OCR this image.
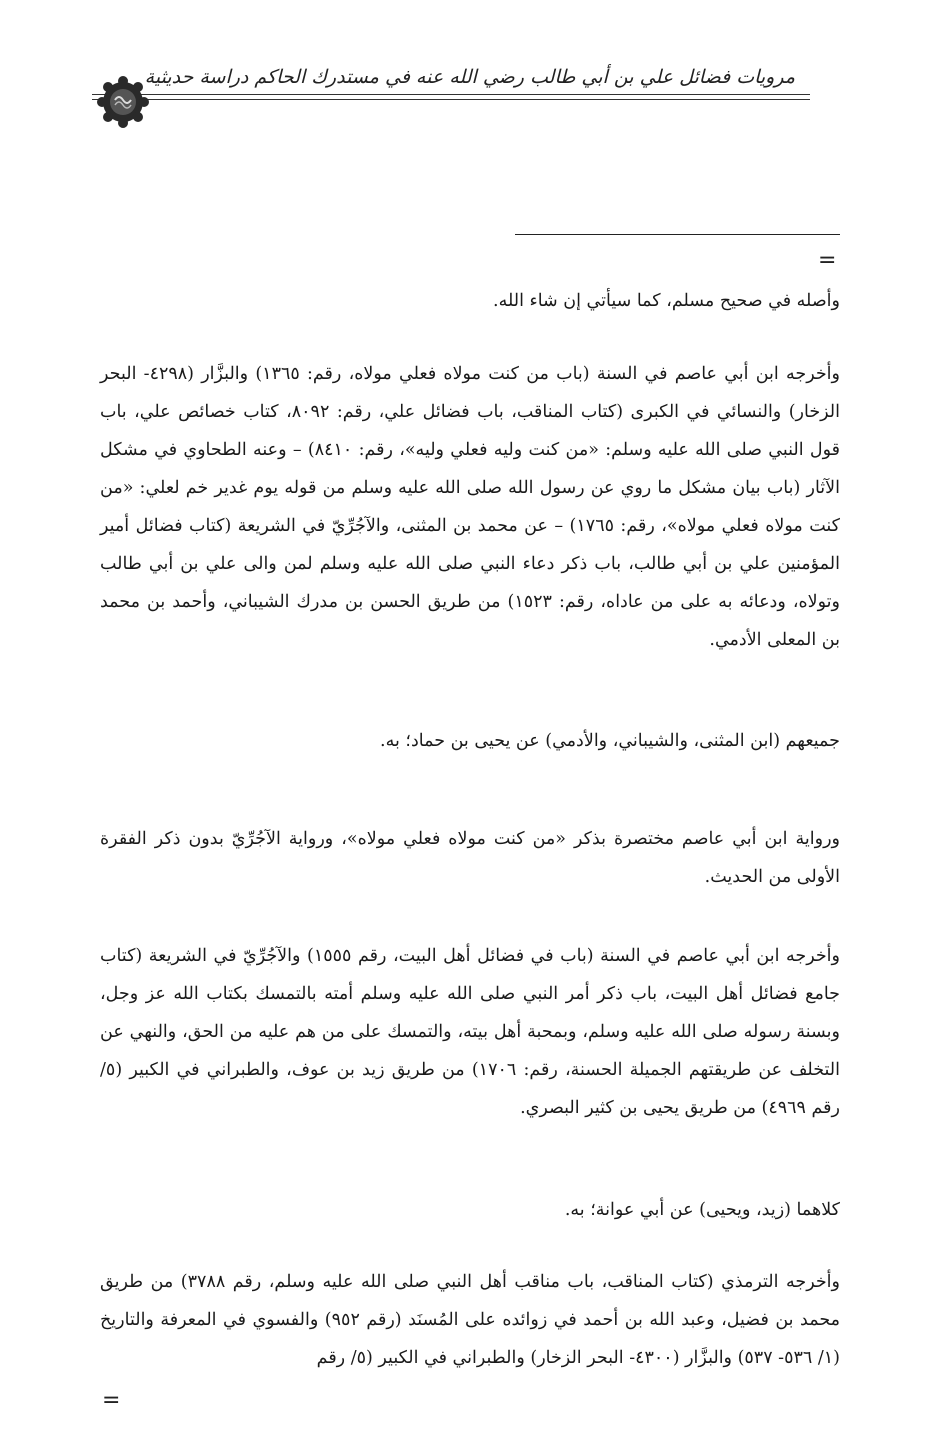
مرويات فضائل علي بن أبي طالب رضي الله عنه في مستدرك الحاكم دراسة حديثية
=

وأصله في صحيح مسلم، كما سيأتي إن شاء الله.

وأخرجه ابن أبي عاصم في السنة (باب من كنت مولاه فعلي مولاه، رقم: ١٣٦٥) والبزَّار (٤٢٩٨- البحر الزخار) والنسائي في الكبرى (كتاب المناقب، باب فضائل علي، رقم: ٨٠٩٢، كتاب خصائص علي، باب قول النبي صلى الله عليه وسلم: «من كنت وليه فعلي وليه»، رقم: ٨٤١٠) – وعنه الطحاوي في مشكل الآثار (باب بيان مشكل ما روي عن رسول الله صلى الله عليه وسلم من قوله يوم غدير خم لعلي: «من كنت مولاه فعلي مولاه»، رقم: ١٧٦٥) – عن محمد بن المثنى، والآجُرِّيّ في الشريعة (كتاب فضائل أمير المؤمنين علي بن أبي طالب، باب ذكر دعاء النبي صلى الله عليه وسلم لمن والى علي بن أبي طالب وتولاه، ودعائه به على من عاداه، رقم: ١٥٢٣) من طريق الحسن بن مدرك الشيباني، وأحمد بن محمد بن المعلى الأدمي.

جميعهم (ابن المثنى، والشيباني، والأدمي) عن يحيى بن حماد؛ به.

ورواية ابن أبي عاصم مختصرة بذكر «من كنت مولاه فعلي مولاه»، ورواية الآجُرِّيّ بدون ذكر الفقرة الأولى من الحديث.

وأخرجه ابن أبي عاصم في السنة (باب في فضائل أهل البيت، رقم ١٥٥٥) والآجُرِّيّ في الشريعة (كتاب جامع فضائل أهل البيت، باب ذكر أمر النبي صلى الله عليه وسلم أمته بالتمسك بكتاب الله عز وجل، وبسنة رسوله صلى الله عليه وسلم، وبمحبة أهل بيته، والتمسك على من هم عليه من الحق، والنهي عن التخلف عن طريقتهم الجميلة الحسنة، رقم: ١٧٠٦) من طريق زيد بن عوف، والطبراني في الكبير (٥/ رقم ٤٩٦٩) من طريق يحيى بن كثير البصري.

كلاهما (زيد، ويحيى) عن أبي عوانة؛ به.

وأخرجه الترمذي (كتاب المناقب، باب مناقب أهل النبي صلى الله عليه وسلم، رقم ٣٧٨٨) من طريق محمد بن فضيل، وعبد الله بن أحمد في زوائده على المُسنَد (رقم ٩٥٢) والفسوي في المعرفة والتاريخ (١/ ٥٣٦- ٥٣٧) والبزَّار (٤٣٠٠- البحر الزخار) والطبراني في الكبير (٥/ رقم

=
